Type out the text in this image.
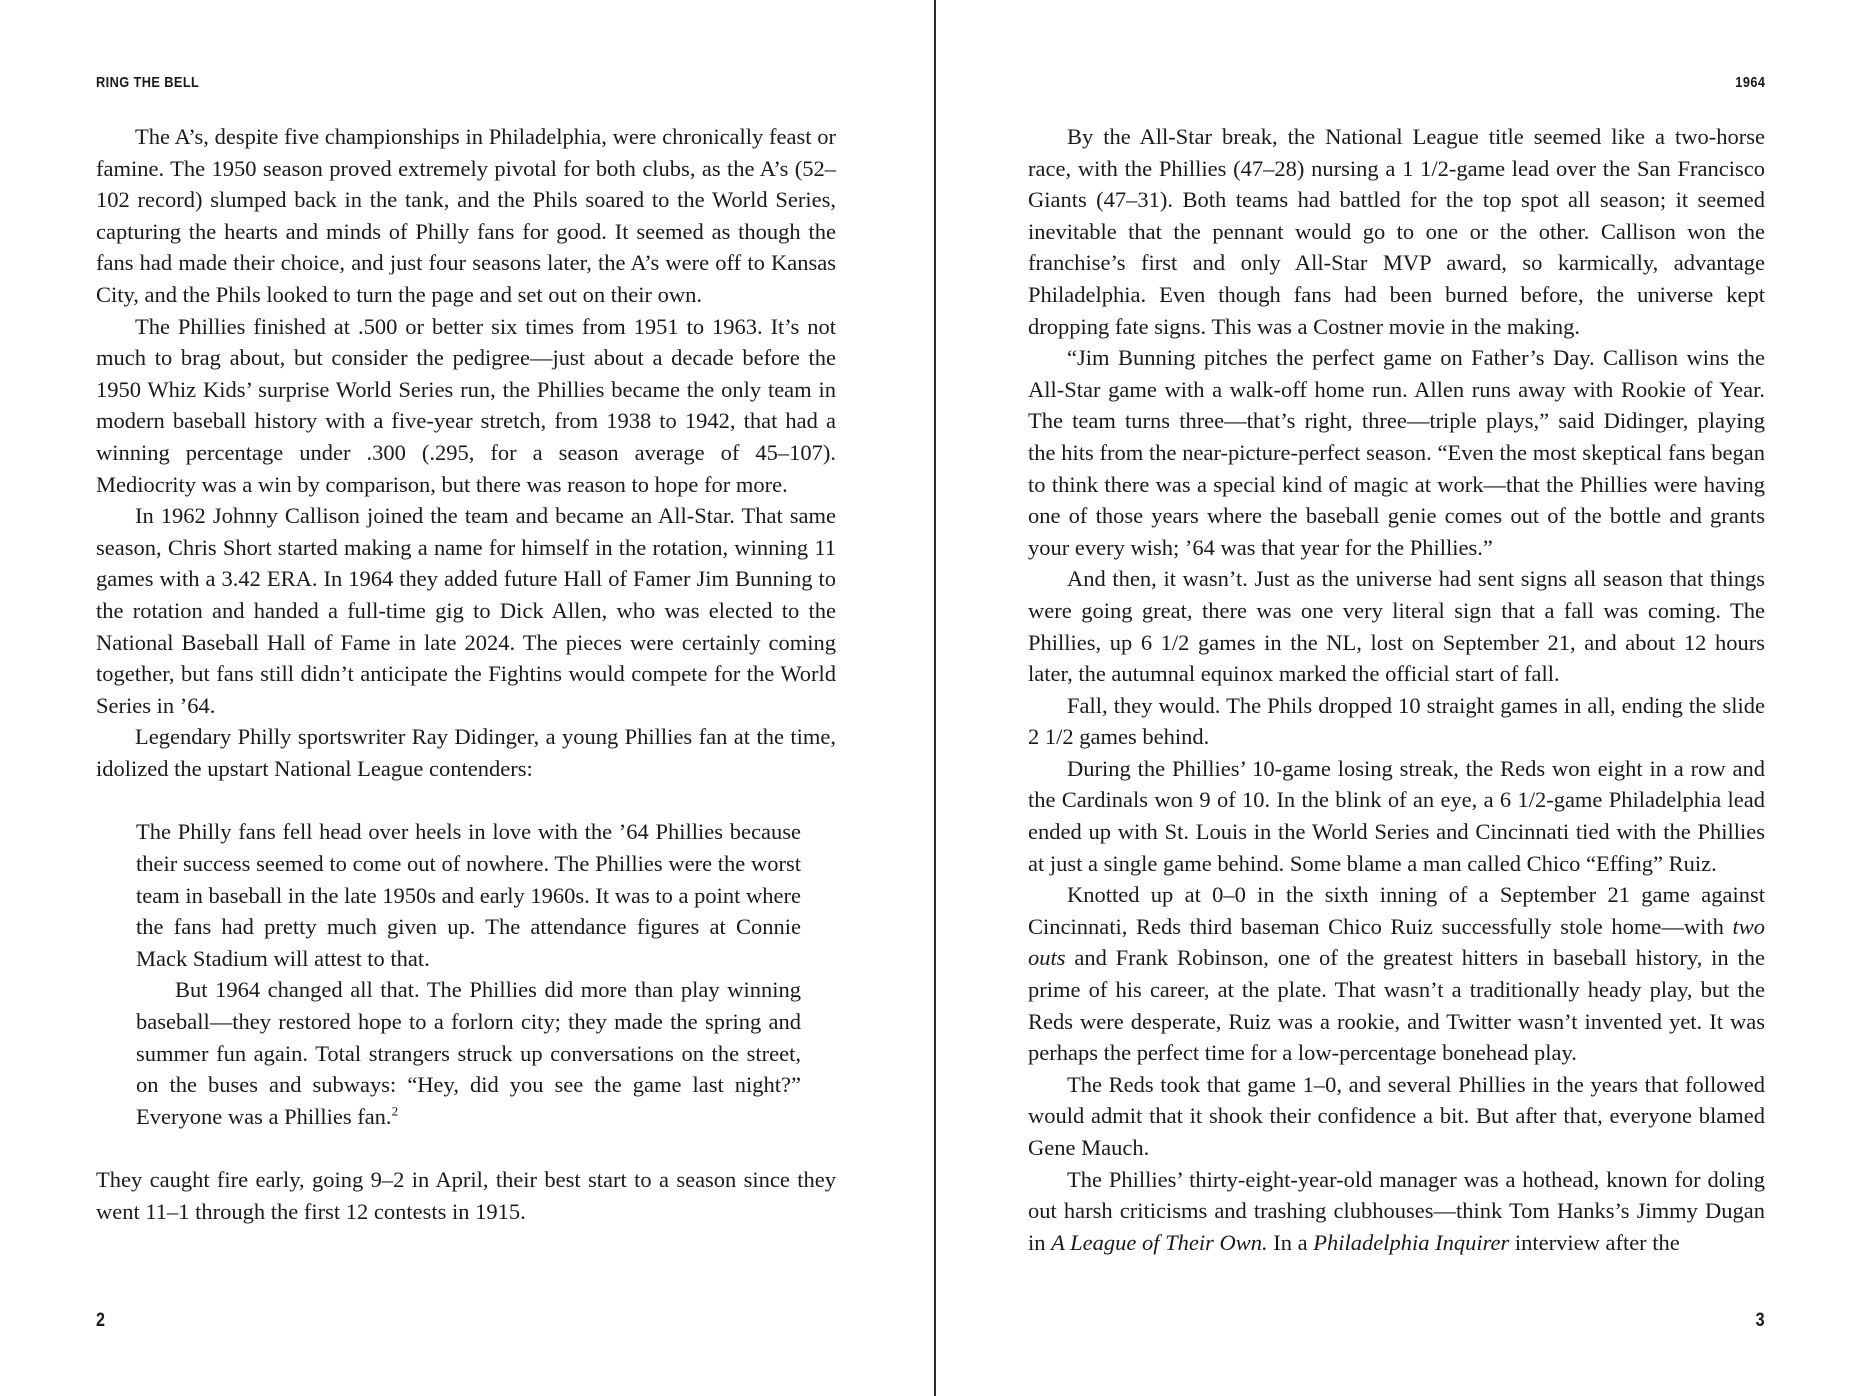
RING THE BELL

The A’s, despite five championships in Philadelphia, were chronically feast or famine. The 1950 season proved extremely pivotal for both clubs, as the A’s (52–102 record) slumped back in the tank, and the Phils soared to the World Series, capturing the hearts and minds of Philly fans for good. It seemed as though the fans had made their choice, and just four seasons later, the A’s were off to Kansas City, and the Phils looked to turn the page and set out on their own.

The Phillies finished at .500 or better six times from 1951 to 1963. It’s not much to brag about, but consider the pedigree—just about a decade before the 1950 Whiz Kids’ surprise World Series run, the Phillies became the only team in modern baseball history with a five-year stretch, from 1938 to 1942, that had a winning percentage under .300 (.295, for a season average of 45–107). Mediocrity was a win by comparison, but there was reason to hope for more.

In 1962 Johnny Callison joined the team and became an All-Star. That same season, Chris Short started making a name for himself in the rotation, winning 11 games with a 3.42 ERA. In 1964 they added future Hall of Famer Jim Bunning to the rotation and handed a full-time gig to Dick Allen, who was elected to the National Baseball Hall of Fame in late 2024. The pieces were certainly coming together, but fans still didn’t anticipate the Fightins would compete for the World Series in ’64.

Legendary Philly sportswriter Ray Didinger, a young Phillies fan at the time, idolized the upstart National League contenders:

The Philly fans fell head over heels in love with the ’64 Phillies because their success seemed to come out of nowhere. The Phillies were the worst team in baseball in the late 1950s and early 1960s. It was to a point where the fans had pretty much given up. The attendance figures at Connie Mack Stadium will attest to that.

But 1964 changed all that. The Phillies did more than play winning baseball—they restored hope to a forlorn city; they made the spring and summer fun again. Total strangers struck up conversations on the street, on the buses and subways: “Hey, did you see the game last night?” Everyone was a Phillies fan.$^2$

They caught fire early, going 9–2 in April, their best start to a season since they went 11–1 through the first 12 contests in 1915.

2
1964

By the All-Star break, the National League title seemed like a two-horse race, with the Phillies (47–28) nursing a 1 1/2-game lead over the San Francisco Giants (47–31). Both teams had battled for the top spot all season; it seemed inevitable that the pennant would go to one or the other. Callison won the franchise’s first and only All-Star MVP award, so karmically, advantage Philadelphia. Even though fans had been burned before, the universe kept dropping fate signs. This was a Costner movie in the making.

“Jim Bunning pitches the perfect game on Father’s Day. Callison wins the All-Star game with a walk-off home run. Allen runs away with Rookie of Year. The team turns three—that’s right, three—triple plays,” said Didinger, playing the hits from the near-picture-perfect season. “Even the most skeptical fans began to think there was a special kind of magic at work—that the Phillies were having one of those years where the baseball genie comes out of the bottle and grants your every wish; ’64 was that year for the Phillies.”

And then, it wasn’t. Just as the universe had sent signs all season that things were going great, there was one very literal sign that a fall was coming. The Phillies, up 6 1/2 games in the NL, lost on September 21, and about 12 hours later, the autumnal equinox marked the official start of fall.

Fall, they would. The Phils dropped 10 straight games in all, ending the slide 2 1/2 games behind.

During the Phillies’ 10-game losing streak, the Reds won eight in a row and the Cardinals won 9 of 10. In the blink of an eye, a 6 1/2-game Philadelphia lead ended up with St. Louis in the World Series and Cincinnati tied with the Phillies at just a single game behind. Some blame a man called Chico “Effing” Ruiz.

Knotted up at 0–0 in the sixth inning of a September 21 game against Cincinnati, Reds third baseman Chico Ruiz successfully stole home—with two outs and Frank Robinson, one of the greatest hitters in baseball history, in the prime of his career, at the plate. That wasn’t a traditionally heady play, but the Reds were desperate, Ruiz was a rookie, and Twitter wasn’t invented yet. It was perhaps the perfect time for a low-percentage bonehead play.

The Reds took that game 1–0, and several Phillies in the years that followed would admit that it shook their confidence a bit. But after that, everyone blamed Gene Mauch.

The Phillies’ thirty-eight-year-old manager was a hothead, known for doling out harsh criticisms and trashing clubhouses—think Tom Hanks’s Jimmy Dugan in A League of Their Own. In a Philadelphia Inquirer interview after the

3
